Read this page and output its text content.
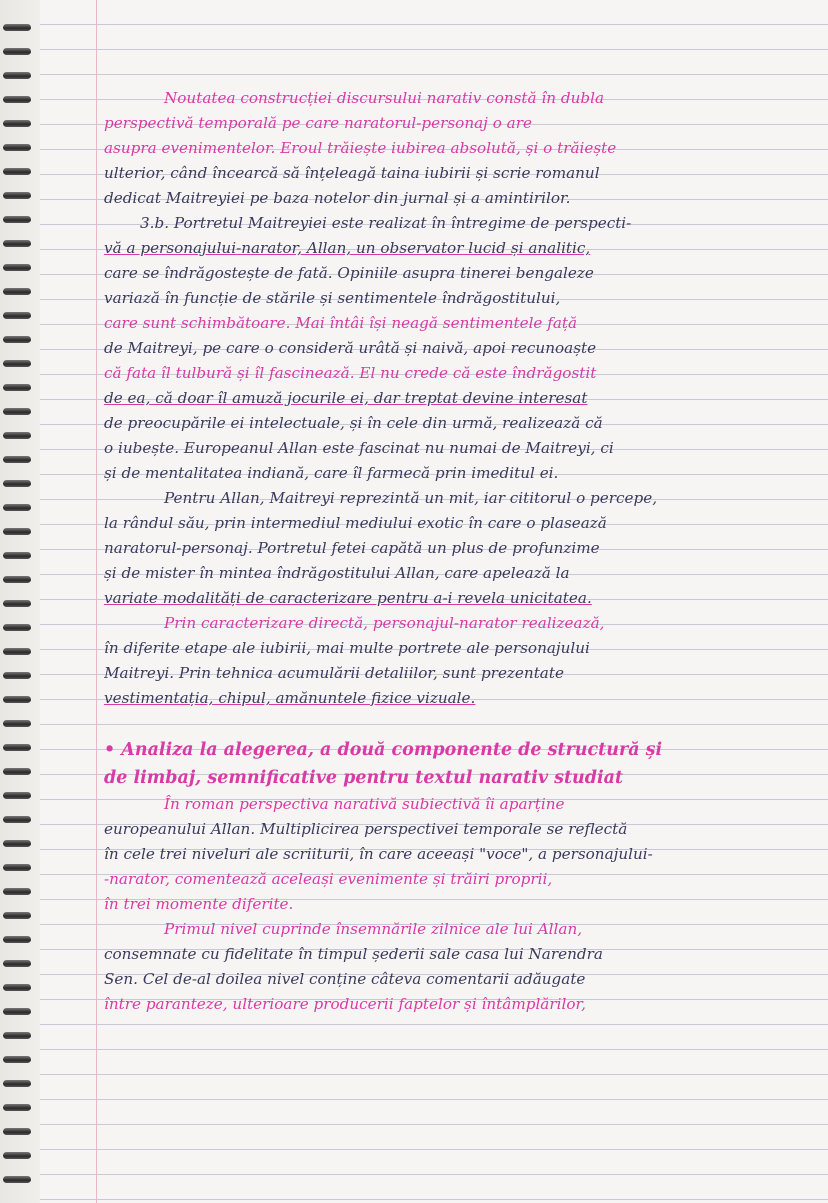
Noutatea construcției discursului narativ constă în dubla
perspectivă temporală pe care naratorul-personaj o are
asupra evenimentelor. Eroul trăiește iubirea absolută, și o trăiește
ulterior, când încearcă să înțeleagă taina iubirii și scrie romanul
dedicat Maitreyiei pe baza notelor din jurnal și a amintirilor.
3.b. Portretul Maitreyiei este realizat în întregime de perspecti-
vă a personajului-narator, Allan, un observator lucid și analitic,
care se îndrăgostește de fată. Opiniile asupra tinerei bengaleze
variază în funcție de stările și sentimentele îndrăgostitului,
care sunt schimbătoare. Mai întâi își neagă sentimentele față
de Maitreyi, pe care o consideră urâtă și naivă, apoi recunoaște
că fata îl tulbură și îl fascinează. El nu crede că este îndrăgostit
de ea, că doar îl amuză jocurile ei, dar treptat devine interesat
de preocupările ei intelectuale, și în cele din urmă, realizează că
o iubește. Europeanul Allan este fascinat nu numai de Maitreyi, ci
și de mentalitatea indiană, care îl farmecă prin imeditul ei.
Pentru Allan, Maitreyi reprezintă un mit, iar cititorul o percepe,
la rândul său, prin intermediul mediului exotic în care o plasează
naratorul-personaj. Portretul fetei capătă un plus de profunzime
și de mister în mintea îndrăgostitului Allan, care apelează la
variate modalități de caracterizare pentru a-i revela unicitatea.
Prin caracterizare directă, personajul-narator realizează,
în diferite etape ale iubirii, mai multe portrete ale personajului
Maitreyi. Prin tehnica acumulării detaliilor, sunt prezentate
vestimentația, chipul, amănuntele fizice vizuale.
• Analiza la alegerea, a două componente de structură și
de limbaj, semnificative pentru textul narativ studiat
În roman perspectiva narativă subiectivă îi aparține
europeanului Allan. Multiplicirea perspectivei temporale se reflectă
în cele trei niveluri ale scriiturii, în care aceeași "voce", a personajului-
-narator, comentează aceleași evenimente și trăiri proprii,
în trei momente diferite.
Primul nivel cuprinde însemnările zilnice ale lui Allan,
consemnate cu fidelitate în timpul șederii sale casa lui Narendra
Sen. Cel de-al doilea nivel conține câteva comentarii adăugate
între paranteze, ulterioare producerii faptelor și întâmplărilor,
